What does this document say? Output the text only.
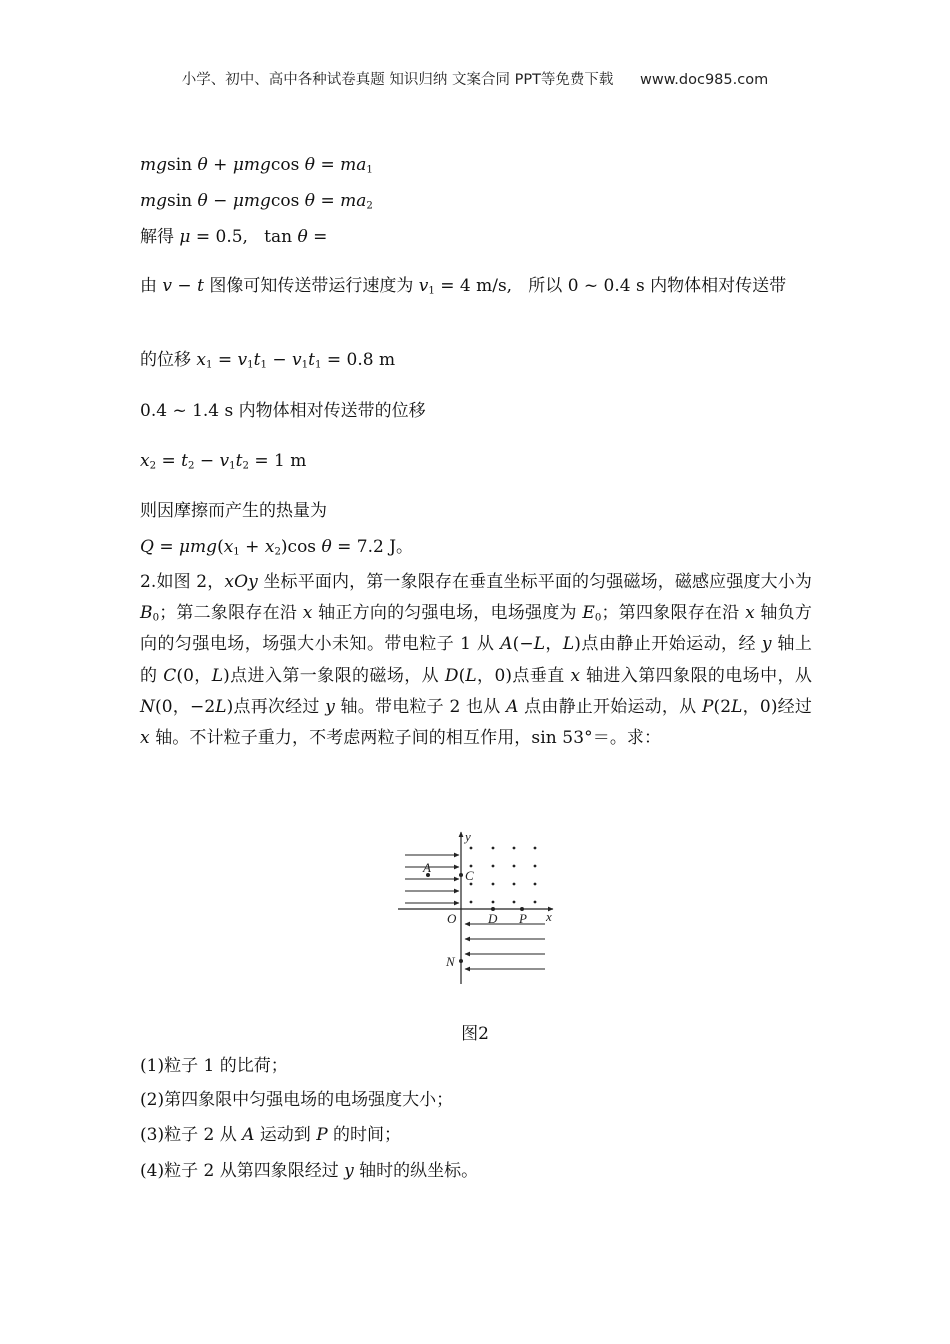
小学、初中、高中各种试卷真题 知识归纳 文案合同 PPT等免费下载 www.doc985.com
mgsin θ + μmgcos $\theta = ma_1$
mgsin θ − μmgcos $\theta = ma_2$
解得 μ = 0.5,   tan θ =
由 v − t 图像可知传送带运行速度为 $v_1 = 4$ m/s,   所以 0 ~ 0.4 s 内物体相对传送带
的位移 $x_1 = v_1t_1 - v_1t_1 = 0.8$ m
0.4 ~ 1.4 s 内物体相对传送带的位移
$x_2 = t_2 - v_1t_2 = 1$ m
则因摩擦而产生的热量为
$Q = \mu mg(x_1 + x_2)\cos$ θ = 7.2 J。
2.如图 2，xOy 坐标平面内，第一象限存在垂直坐标平面的匀强磁场，磁感应强度大小为 $B_0$；第二象限存在沿 x 轴正方向的匀强电场，电场强度为 $E_0$；第四象限存在沿 x 轴负方向的匀强电场，场强大小未知。带电粒子 1 从 A(−L，L)点由静止开始运动，经 y 轴上的 C(0，L)点进入第一象限的磁场，从 D(L，0)点垂直 x 轴进入第四象限的电场中，从 N(0，−2L)点再次经过 y 轴。带电粒子 2 也从 A 点由静止开始运动，从 P(2L，0)经过 x 轴。不计粒子重力，不考虑两粒子间的相互作用，sin 53°＝。求：
y
x
O
A
C
D P
N
图2
(1)粒子 1 的比荷；
(2)第四象限中匀强电场的电场强度大小；
(3)粒子 2 从 A 运动到 P 的时间；
(4)粒子 2 从第四象限经过 y 轴时的纵坐标。
